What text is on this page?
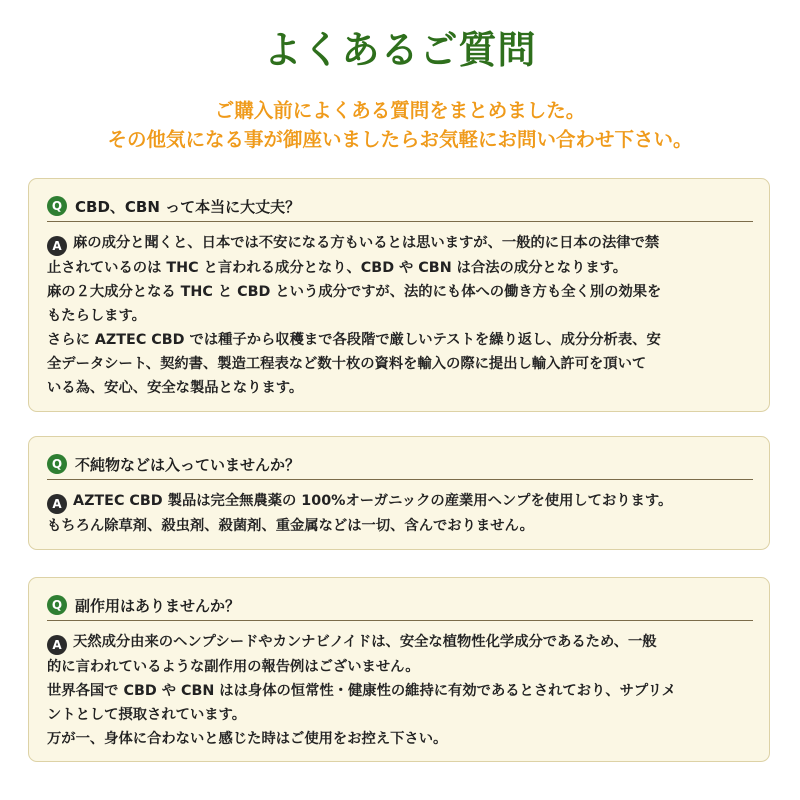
よくあるご質問
ご購入前によくある質問をまとめました。
その他気になる事が御座いましたらお気軽にお問い合わせ下さい。
Q CBD、CBN って本当に大丈夫？
A 麻の成分と聞くと、日本では不安になる方もいるとは思いますが、一般的に日本の法律で禁
止されているのは THC と言われる成分となり、CBD や CBN は合法の成分となります。
麻の２大成分となる THC と CBD という成分ですが、法的にも体への働き方も全く別の効果を
もたらします。
さらに AZTEC CBD では種子から収穫まで各段階で厳しいテストを繰り返し、成分分析表、安
全データシート、契約書、製造工程表など数十枚の資料を輸入の際に提出し輸入許可を頂いて
いる為、安心、安全な製品となります。
Q 不純物などは入っていませんか？
A AZTEC CBD 製品は完全無農薬の 100%オーガニックの産業用ヘンプを使用しております。
もちろん除草剤、殺虫剤、殺菌剤、重金属などは一切、含んでおりません。
Q 副作用はありませんか？
A 天然成分由来のヘンプシードやカンナビノイドは、安全な植物性化学成分であるため、一般
的に言われているような副作用の報告例はございません。
世界各国で CBD や CBN はは身体の恒常性・健康性の維持に有効であるとされており、サプリメ
ントとして摂取されています。
万が一、身体に合わないと感じた時はご使用をお控え下さい。
